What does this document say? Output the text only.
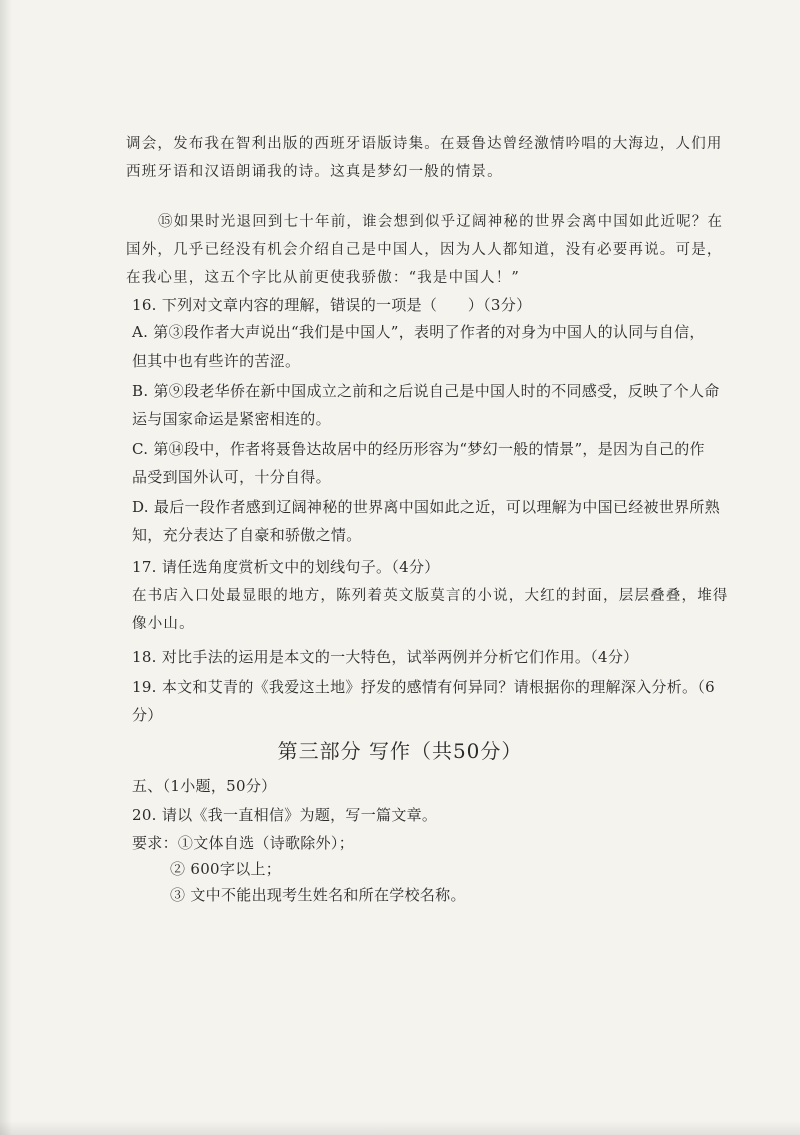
调会，发布我在智利出版的西班牙语版诗集。在聂鲁达曾经激情吟唱的大海边，人们用
西班牙语和汉语朗诵我的诗。这真是梦幻一般的情景。
⑮如果时光退回到七十年前，谁会想到似乎辽阔神秘的世界会离中国如此近呢？在
国外，几乎已经没有机会介绍自己是中国人，因为人人都知道，没有必要再说。可是，
在我心里，这五个字比从前更使我骄傲：“我是中国人！”
16. 下列对文章内容的理解，错误的一项是（　　）（3分）
A. 第③段作者大声说出“我们是中国人”，表明了作者的对身为中国人的认同与自信，
但其中也有些许的苦涩。
B. 第⑨段老华侨在新中国成立之前和之后说自己是中国人时的不同感受，反映了个人命
运与国家命运是紧密相连的。
C. 第⑭段中，作者将聂鲁达故居中的经历形容为“梦幻一般的情景”，是因为自己的作
品受到国外认可，十分自得。
D. 最后一段作者感到辽阔神秘的世界离中国如此之近，可以理解为中国已经被世界所熟
知，充分表达了自豪和骄傲之情。
17. 请任选角度赏析文中的划线句子。（4分）
在书店入口处最显眼的地方，陈列着英文版莫言的小说，大红的封面，层层叠叠，堆得
像小山。
18. 对比手法的运用是本文的一大特色，试举两例并分析它们作用。（4分）
19. 本文和艾青的《我爱这土地》抒发的感情有何异同？请根据你的理解深入分析。（6
分）
第三部分 写作（共50分）
五、（1小题，50分）
20. 请以《我一直相信》为题，写一篇文章。
要求：①文体自选（诗歌除外）；
② 600字以上；
③ 文中不能出现考生姓名和所在学校名称。
